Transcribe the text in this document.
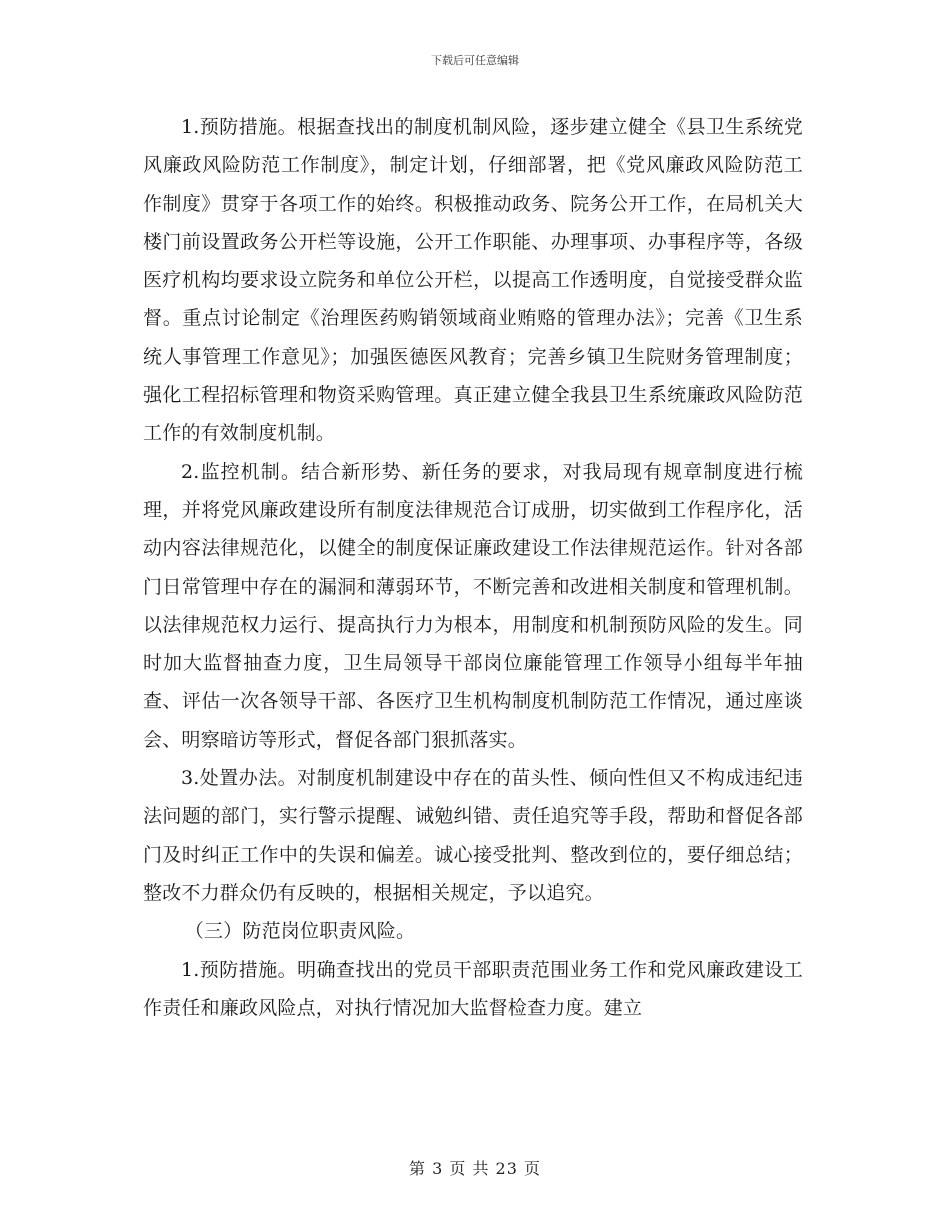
下载后可任意编辑

1.预防措施。根据查找出的制度机制风险，逐步建立健全《县卫生系统党风廉政风险防范工作制度》，制定计划，仔细部署，把《党风廉政风险防范工作制度》贯穿于各项工作的始终。积极推动政务、院务公开工作，在局机关大楼门前设置政务公开栏等设施，公开工作职能、办理事项、办事程序等，各级医疗机构均要求设立院务和单位公开栏，以提高工作透明度，自觉接受群众监督。重点讨论制定《治理医药购销领域商业贿赂的管理办法》；完善《卫生系统人事管理工作意见》；加强医德医风教育；完善乡镇卫生院财务管理制度；强化工程招标管理和物资采购管理。真正建立健全我县卫生系统廉政风险防范工作的有效制度机制。

2.监控机制。结合新形势、新任务的要求，对我局现有规章制度进行梳理，并将党风廉政建设所有制度法律规范合订成册，切实做到工作程序化，活动内容法律规范化，以健全的制度保证廉政建设工作法律规范运作。针对各部门日常管理中存在的漏洞和薄弱环节，不断完善和改进相关制度和管理机制。以法律规范权力运行、提高执行力为根本，用制度和机制预防风险的发生。同时加大监督抽查力度，卫生局领导干部岗位廉能管理工作领导小组每半年抽查、评估一次各领导干部、各医疗卫生机构制度机制防范工作情况，通过座谈会、明察暗访等形式，督促各部门狠抓落实。

3.处置办法。对制度机制建设中存在的苗头性、倾向性但又不构成违纪违法问题的部门，实行警示提醒、诫勉纠错、责任追究等手段，帮助和督促各部门及时纠正工作中的失误和偏差。诚心接受批判、整改到位的，要仔细总结；整改不力群众仍有反映的，根据相关规定，予以追究。

（三）防范岗位职责风险。

1.预防措施。明确查找出的党员干部职责范围业务工作和党风廉政建设工作责任和廉政风险点，对执行情况加大监督检查力度。建立

第 3 页 共 23 页
